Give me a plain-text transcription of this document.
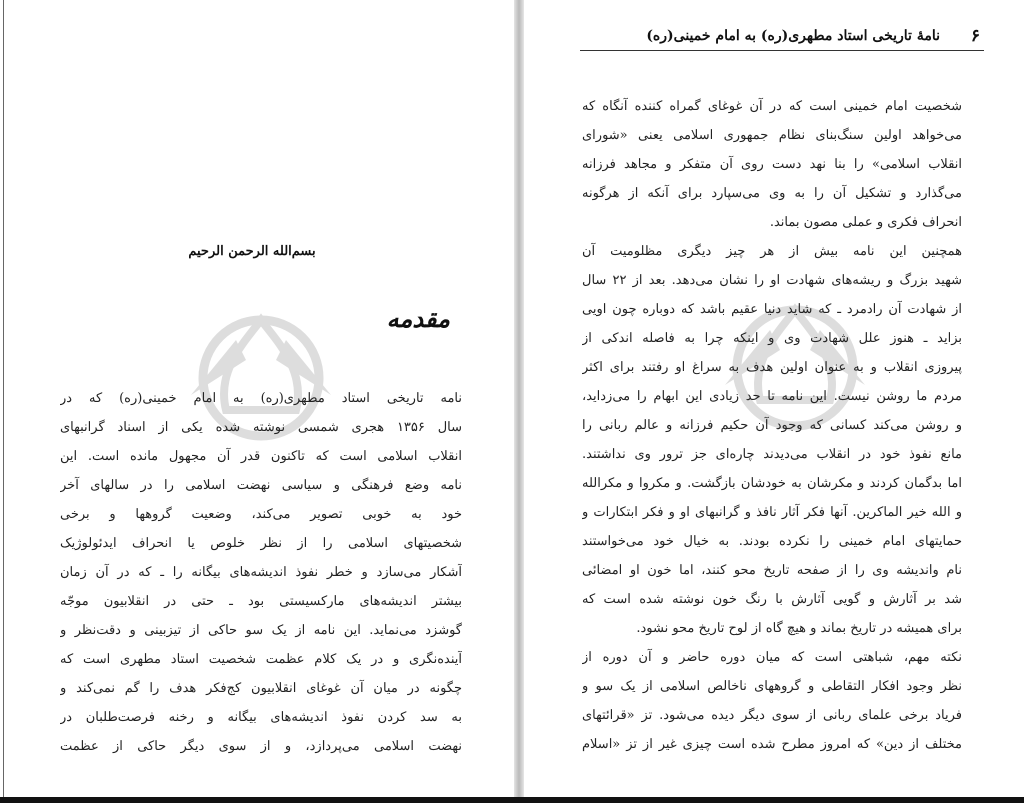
بسم‌الله الرحمن الرحیم
مقدمه
نامه تاریخی استاد مطهری(ره) به امام خمینی(ره) که در
سال ۱۳۵۶ هجری شمسی نوشته شده یکی از اسناد گرانبهای
انقلاب اسلامی است که تاکنون قدر آن مجهول مانده است. این
نامه وضع فرهنگی و سیاسی نهضت اسلامی را در سالهای آخر
خود به خوبی تصویر می‌کند، وضعیت گروهها و برخی
شخصیتهای اسلامی را از نظر خلوص یا انحراف ایدئولوژیک
آشکار می‌سازد و خطر نفوذ اندیشه‌های بیگانه را ـ که در آن زمان
بیشتر اندیشه‌های مارکسیستی بود ـ حتی در انقلابیون موجّه
گوشزد می‌نماید. این نامه از یک سو حاکی از تیزبینی و دقت‌نظر و
آینده‌نگری و در یک کلام عظمت شخصیت استاد مطهری است که
چگونه در میان آن غوغای انقلابیون کج‌فکر هدف را گم نمی‌کند و
به سد کردن نفوذ اندیشه‌های بیگانه و رخنه فرصت‌طلبان در
نهضت اسلامی می‌پردازد، و از سوی دیگر حاکی از عظمت
۶
نامهٔ تاریخی استاد مطهری(ره) به امام خمینی(ره)
شخصیت امام خمینی است که در آن غوغای گمراه کننده آنگاه که
می‌خواهد اولین سنگ‌بنای نظام جمهوری اسلامی یعنی «شورای
انقلاب اسلامی» را بنا نهد دست روی آن متفکر و مجاهد فرزانه
می‌گذارد و تشکیل آن را به وی می‌سپارد برای آنکه از هرگونه
انحراف فکری و عملی مصون بماند.
همچنین این نامه بیش از هر چیز دیگری مظلومیت آن
شهید بزرگ و ریشه‌های شهادت او را نشان می‌دهد. بعد از ۲۲ سال
از شهادت آن رادمرد ـ که شاید دنیا عقیم باشد که دوباره چون اویی
بزاید ـ هنوز علل شهادت وی و اینکه چرا به فاصله اندکی از
پیروزی انقلاب و به عنوان اولین هدف به سراغ او رفتند برای اکثر
مردم ما روشن نیست. این نامه تا حد زیادی این ابهام را می‌زداید،
و روشن می‌کند کسانی که وجود آن حکیم فرزانه و عالم ربانی را
مانع نفوذ خود در انقلاب می‌دیدند چاره‌ای جز ترور وی نداشتند.
اما بدگمان کردند و مکرشان به خودشان بازگشت. و مکروا و مکرالله
و الله خیر الماکرین. آنها فکر آثار نافذ و گرانبهای او و فکر ابتکارات و
حمایتهای امام خمینی را نکرده بودند. به خیال خود می‌خواستند
نام واندیشه وی را از صفحه تاریخ محو کنند، اما خون او امضائی
شد بر آثارش و گویی آثارش با رنگ خون نوشته شده است که
برای همیشه در تاریخ بماند و هیچ گاه از لوح تاریخ محو نشود.
نکته مهم، شباهتی است که میان دوره حاضر و آن دوره از
نظر وجود افکار التقاطی و گروههای ناخالص اسلامی از یک سو و
فریاد برخی علمای ربانی از سوی دیگر دیده می‌شود. تز «قرائتهای
مختلف از دین» که امروز مطرح شده است چیزی غیر از تز «اسلام
